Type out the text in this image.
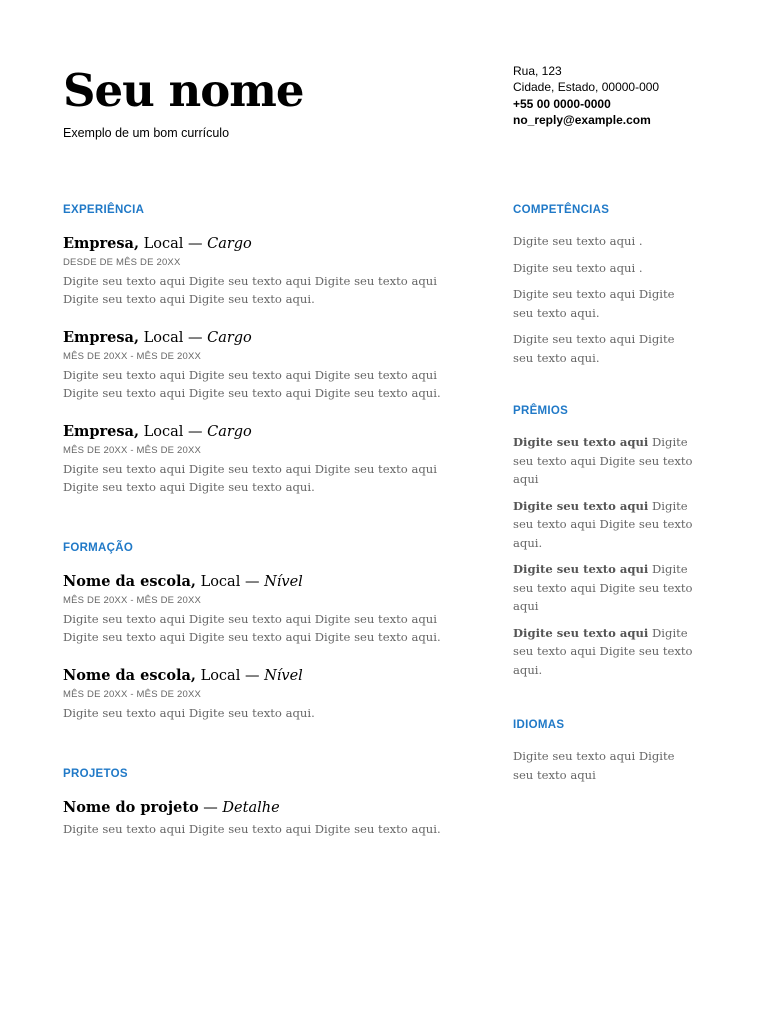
Seu nome
Exemplo de um bom currículo
Rua, 123
Cidade, Estado, 00000-000
+55 00 0000-0000
no_reply@example.com
EXPERIÊNCIA
Empresa, Local — Cargo
DESDE DE MÊS DE 20XX
Digite seu texto aqui Digite seu texto aqui Digite seu texto aqui Digite seu texto aqui Digite seu texto aqui.
Empresa, Local — Cargo
MÊS DE 20XX - MÊS DE 20XX
Digite seu texto aqui Digite seu texto aqui Digite seu texto aqui Digite seu texto aqui Digite seu texto aqui Digite seu texto aqui.
Empresa, Local — Cargo
MÊS DE 20XX - MÊS DE 20XX
Digite seu texto aqui Digite seu texto aqui Digite seu texto aqui Digite seu texto aqui Digite seu texto aqui.
FORMAÇÃO
Nome da escola, Local — Nível
MÊS DE 20XX - MÊS DE 20XX
Digite seu texto aqui Digite seu texto aqui Digite seu texto aqui Digite seu texto aqui Digite seu texto aqui Digite seu texto aqui.
Nome da escola, Local — Nível
MÊS DE 20XX - MÊS DE 20XX
Digite seu texto aqui Digite seu texto aqui.
PROJETOS
Nome do projeto — Detalhe
Digite seu texto aqui Digite seu texto aqui Digite seu texto aqui.
COMPETÊNCIAS
Digite seu texto aqui .
Digite seu texto aqui .
Digite seu texto aqui Digite seu texto aqui.
Digite seu texto aqui Digite seu texto aqui.
PRÊMIOS
Digite seu texto aqui Digite seu texto aqui Digite seu texto aqui
Digite seu texto aqui Digite seu texto aqui Digite seu texto aqui.
Digite seu texto aqui Digite seu texto aqui Digite seu texto aqui
Digite seu texto aqui Digite seu texto aqui Digite seu texto aqui.
IDIOMAS
Digite seu texto aqui Digite seu texto aqui
